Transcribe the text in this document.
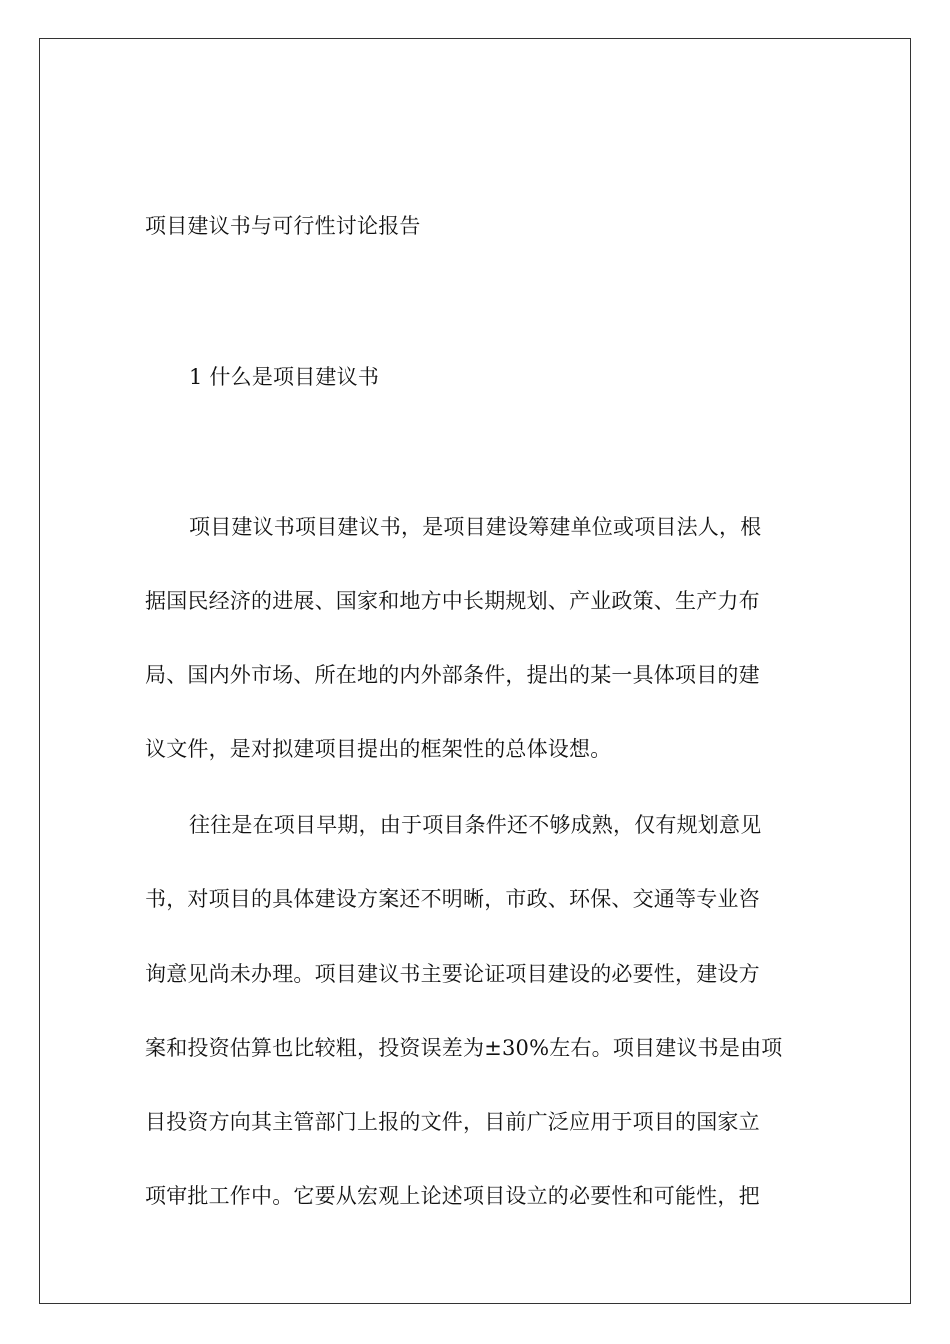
项目建议书与可行性讨论报告
1 什么是项目建议书
项目建议书项目建议书，是项目建设筹建单位或项目法人，根
据国民经济的进展、国家和地方中长期规划、产业政策、生产力布
局、国内外市场、所在地的内外部条件，提出的某一具体项目的建
议文件，是对拟建项目提出的框架性的总体设想。
往往是在项目早期，由于项目条件还不够成熟，仅有规划意见
书，对项目的具体建设方案还不明晰，市政、环保、交通等专业咨
询意见尚未办理。项目建议书主要论证项目建设的必要性，建设方
案和投资估算也比较粗，投资误差为±30%左右。项目建议书是由项
目投资方向其主管部门上报的文件，目前广泛应用于项目的国家立
项审批工作中。它要从宏观上论述项目设立的必要性和可能性，把
